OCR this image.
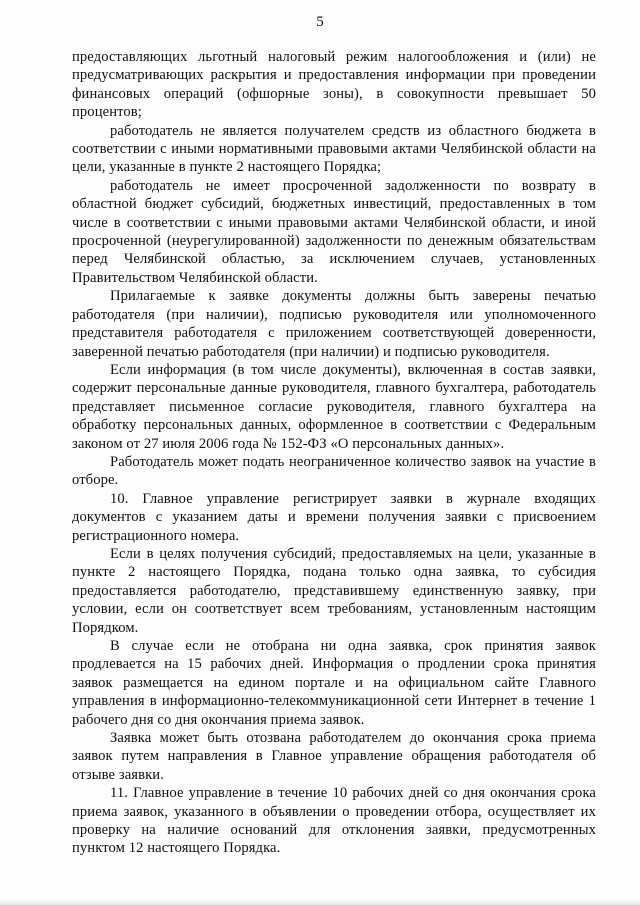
5

предоставляющих льготный налоговый режим налогообложения и (или) не предусматривающих раскрытия и предоставления информации при проведении финансовых операций (офшорные зоны), в совокупности превышает 50 процентов;

работодатель не является получателем средств из областного бюджета в соответствии с иными нормативными правовыми актами Челябинской области на цели, указанные в пункте 2 настоящего Порядка;

работодатель не имеет просроченной задолженности по возврату в областной бюджет субсидий, бюджетных инвестиций, предоставленных в том числе в соответствии с иными правовыми актами Челябинской области, и иной просроченной (неурегулированной) задолженности по денежным обязательствам перед Челябинской областью, за исключением случаев, установленных Правительством Челябинской области.

Прилагаемые к заявке документы должны быть заверены печатью работодателя (при наличии), подписью руководителя или уполномоченного представителя работодателя с приложением соответствующей доверенности, заверенной печатью работодателя (при наличии) и подписью руководителя.

Если информация (в том числе документы), включенная в состав заявки, содержит персональные данные руководителя, главного бухгалтера, работодатель представляет письменное согласие руководителя, главного бухгалтера на обработку персональных данных, оформленное в соответствии с Федеральным законом от 27 июля 2006 года № 152-ФЗ «О персональных данных».

Работодатель может подать неограниченное количество заявок на участие в отборе.

10. Главное управление регистрирует заявки в журнале входящих документов с указанием даты и времени получения заявки с присвоением регистрационного номера.

Если в целях получения субсидий, предоставляемых на цели, указанные в пункте 2 настоящего Порядка, подана только одна заявка, то субсидия предоставляется работодателю, представившему единственную заявку, при условии, если он соответствует всем требованиям, установленным настоящим Порядком.

В случае если не отобрана ни одна заявка, срок принятия заявок продлевается на 15 рабочих дней. Информация о продлении срока принятия заявок размещается на едином портале и на официальном сайте Главного управления в информационно-телекоммуникационной сети Интернет в течение 1 рабочего дня со дня окончания приема заявок.

Заявка может быть отозвана работодателем до окончания срока приема заявок путем направления в Главное управление обращения работодателя об отзыве заявки.

11. Главное управление в течение 10 рабочих дней со дня окончания срока приема заявок, указанного в объявлении о проведении отбора, осуществляет их проверку на наличие оснований для отклонения заявки, предусмотренных пунктом 12 настоящего Порядка.
